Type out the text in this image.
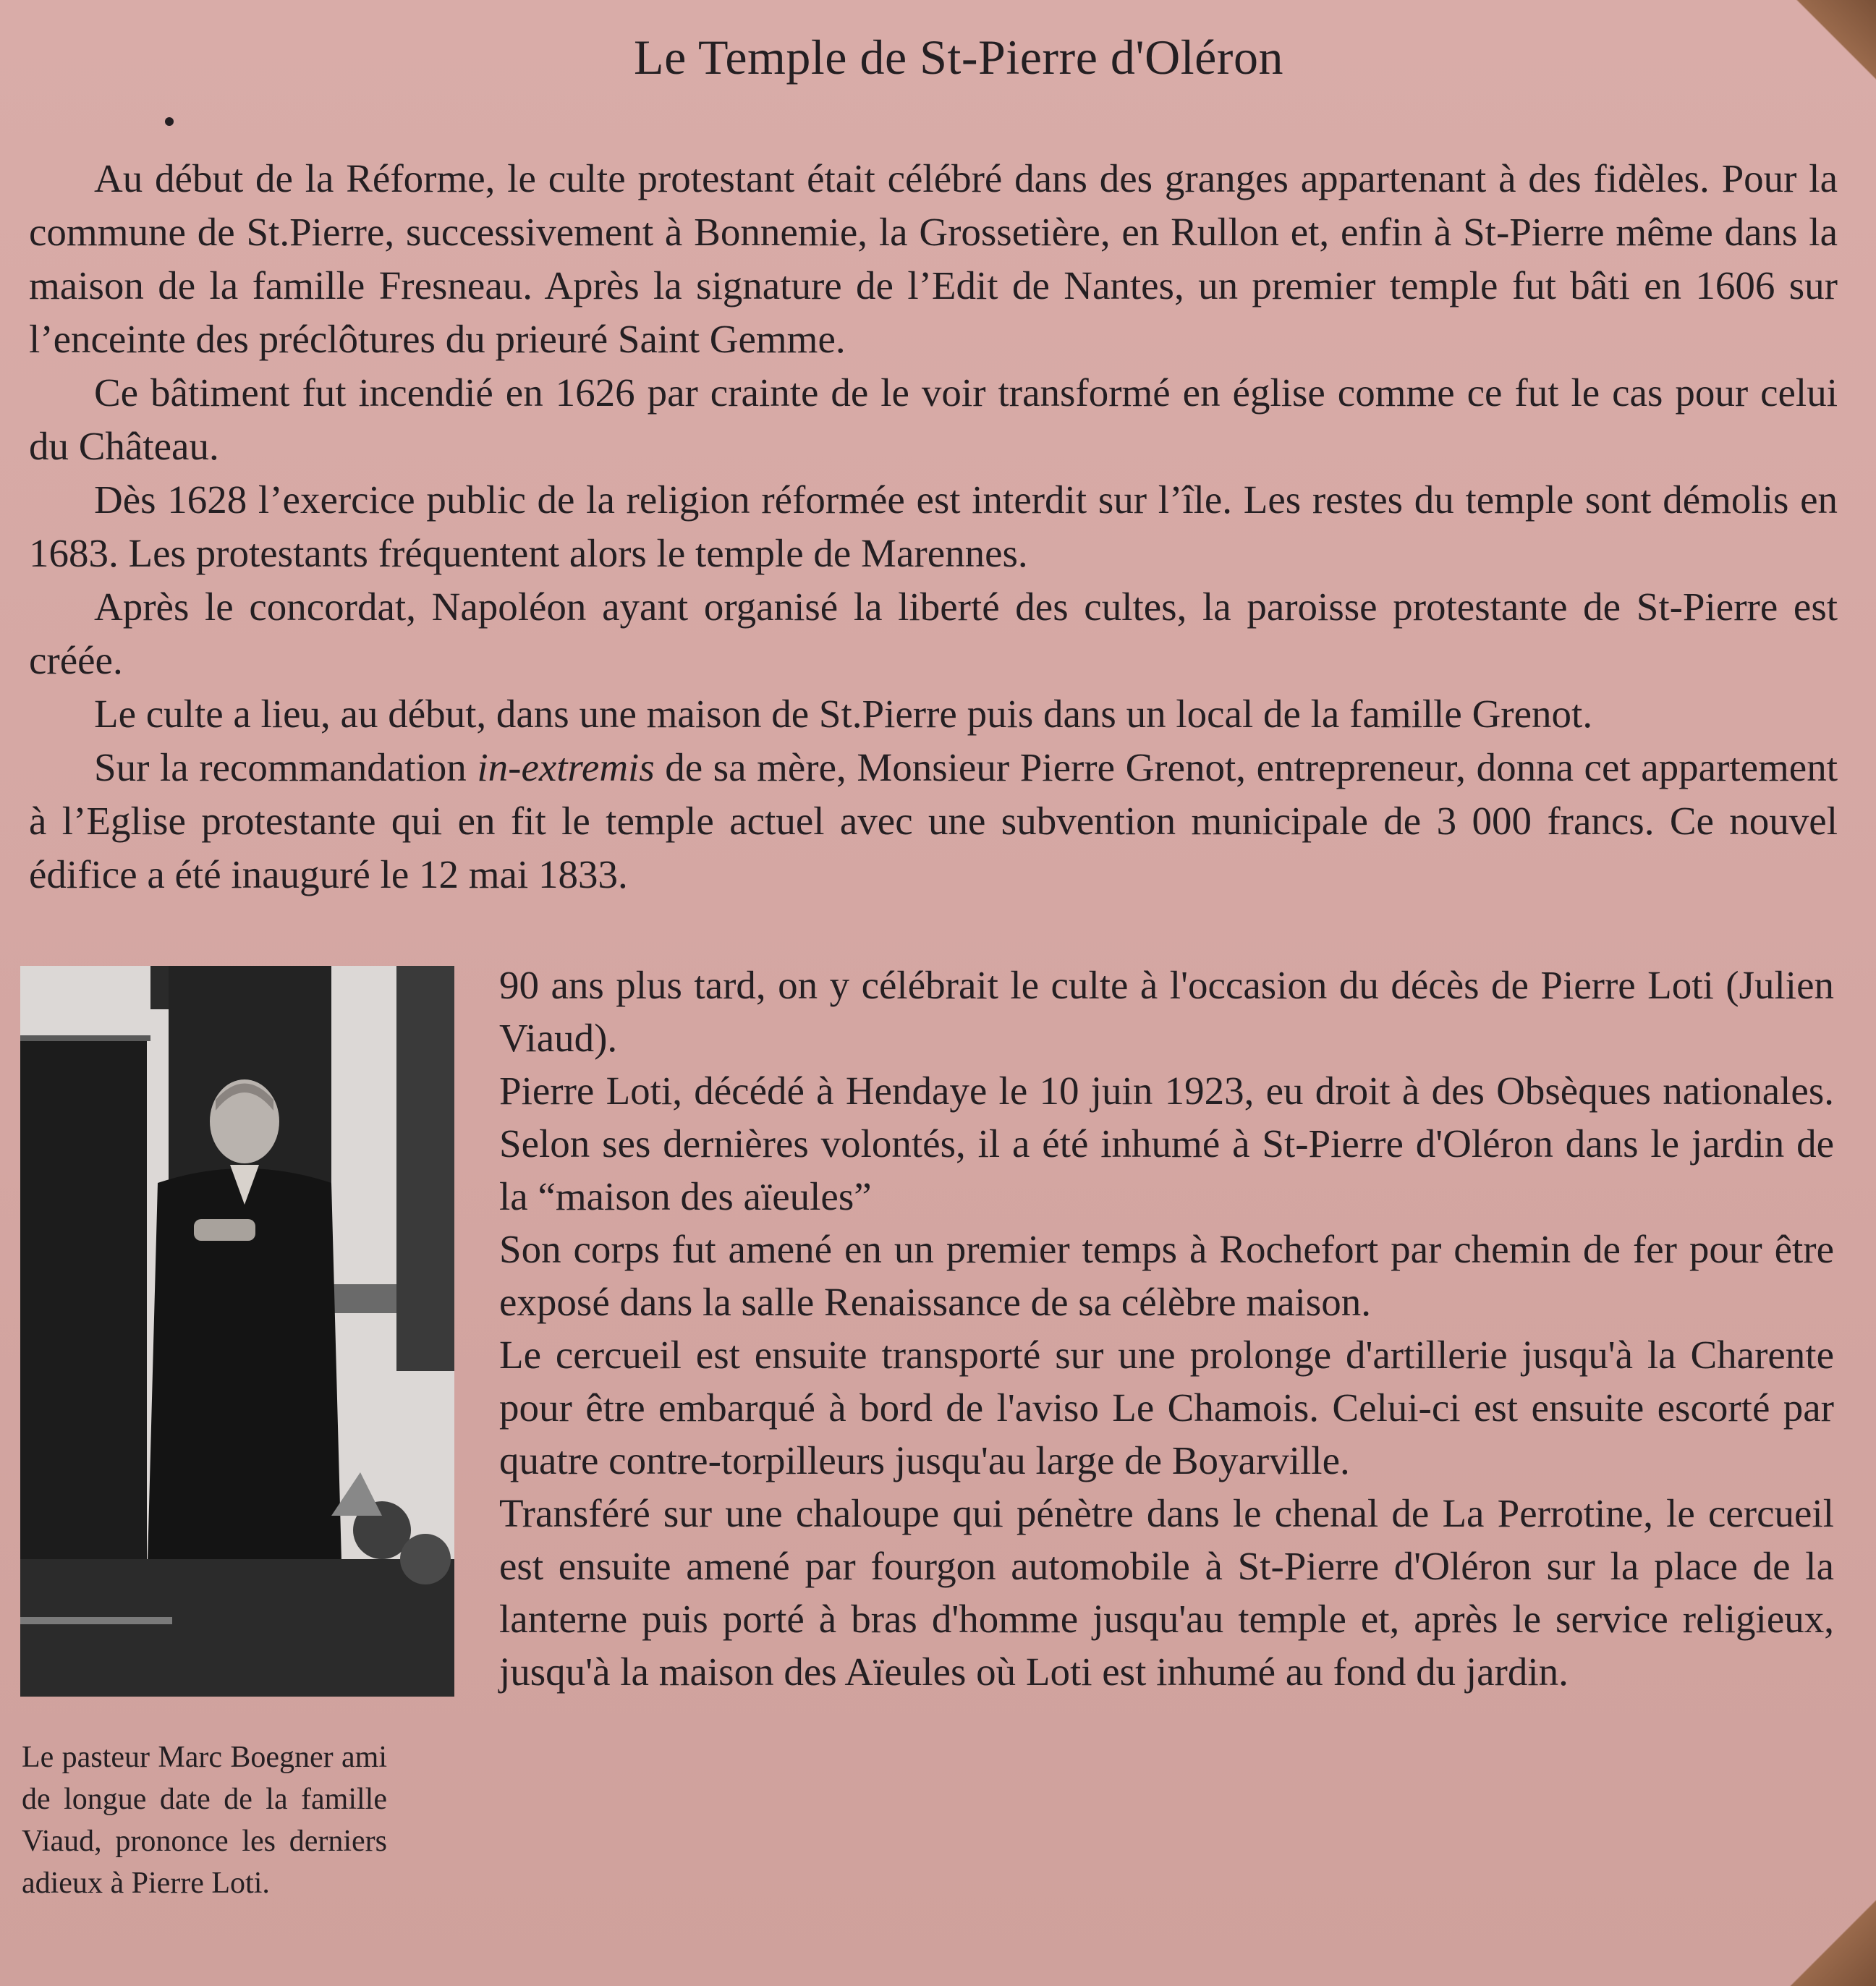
Le Temple de St-Pierre d'Oléron

Au début de la Réforme, le culte protestant était célébré dans des granges appartenant à des fidèles. Pour la commune de St.Pierre, successivement à Bonnemie, la Grossetière, en Rullon et, enfin à St-Pierre même dans la maison de la famille Fresneau. Après la signature de l’Edit de Nantes, un premier temple fut bâti en 1606 sur l’enceinte des préclôtures du prieuré Saint Gemme.

Ce bâtiment fut incendié en 1626 par crainte de le voir transformé en église comme ce fut le cas pour celui du Château.

Dès 1628 l’exercice public de la religion réformée est interdit sur l’île. Les restes du temple sont démolis en 1683. Les protestants fréquentent alors le temple de Marennes.

Après le concordat, Napoléon ayant organisé la liberté des cultes, la paroisse protestante de St-Pierre est créée.

Le culte a lieu, au début, dans une maison de St.Pierre puis dans un local de la famille Grenot.

Sur la recommandation in-extremis de sa mère, Monsieur Pierre Grenot, entrepreneur, donna cet appartement à l’Eglise protestante qui en fit le temple actuel avec une subvention municipale de 3 000 francs. Ce nouvel édifice a été inauguré le 12 mai 1833.

Le pasteur Marc Boegner ami de longue date de la famille Viaud, prononce les derniers adieux à Pierre Loti.

90 ans plus tard, on y célébrait le culte à l'occasion du décès de Pierre Loti (Julien Viaud).

Pierre Loti, décédé à Hendaye le 10 juin 1923, eu droit à des Obsèques nationales. Selon ses dernières volontés, il a été inhumé à St-Pierre d'Oléron dans le jardin de la “maison des aïeules”

Son corps fut amené en un premier temps à Rochefort par chemin de fer pour être exposé dans la salle Renaissance de sa célèbre maison.

Le cercueil est ensuite transporté sur une prolonge d'artillerie jusqu'à la Charente pour être embarqué à bord de l'aviso Le Chamois. Celui-ci est ensuite escorté par quatre contre-torpilleurs jusqu'au large de Boyarville.

Transféré sur une chaloupe qui pénètre dans le chenal de La Perrotine, le cercueil est ensuite amené par fourgon automobile à St-Pierre d'Oléron sur la place de la lanterne puis porté à bras d'homme jusqu'au temple et, après le service religieux, jusqu'à la maison des Aïeules où Loti est inhumé au fond du jardin.
